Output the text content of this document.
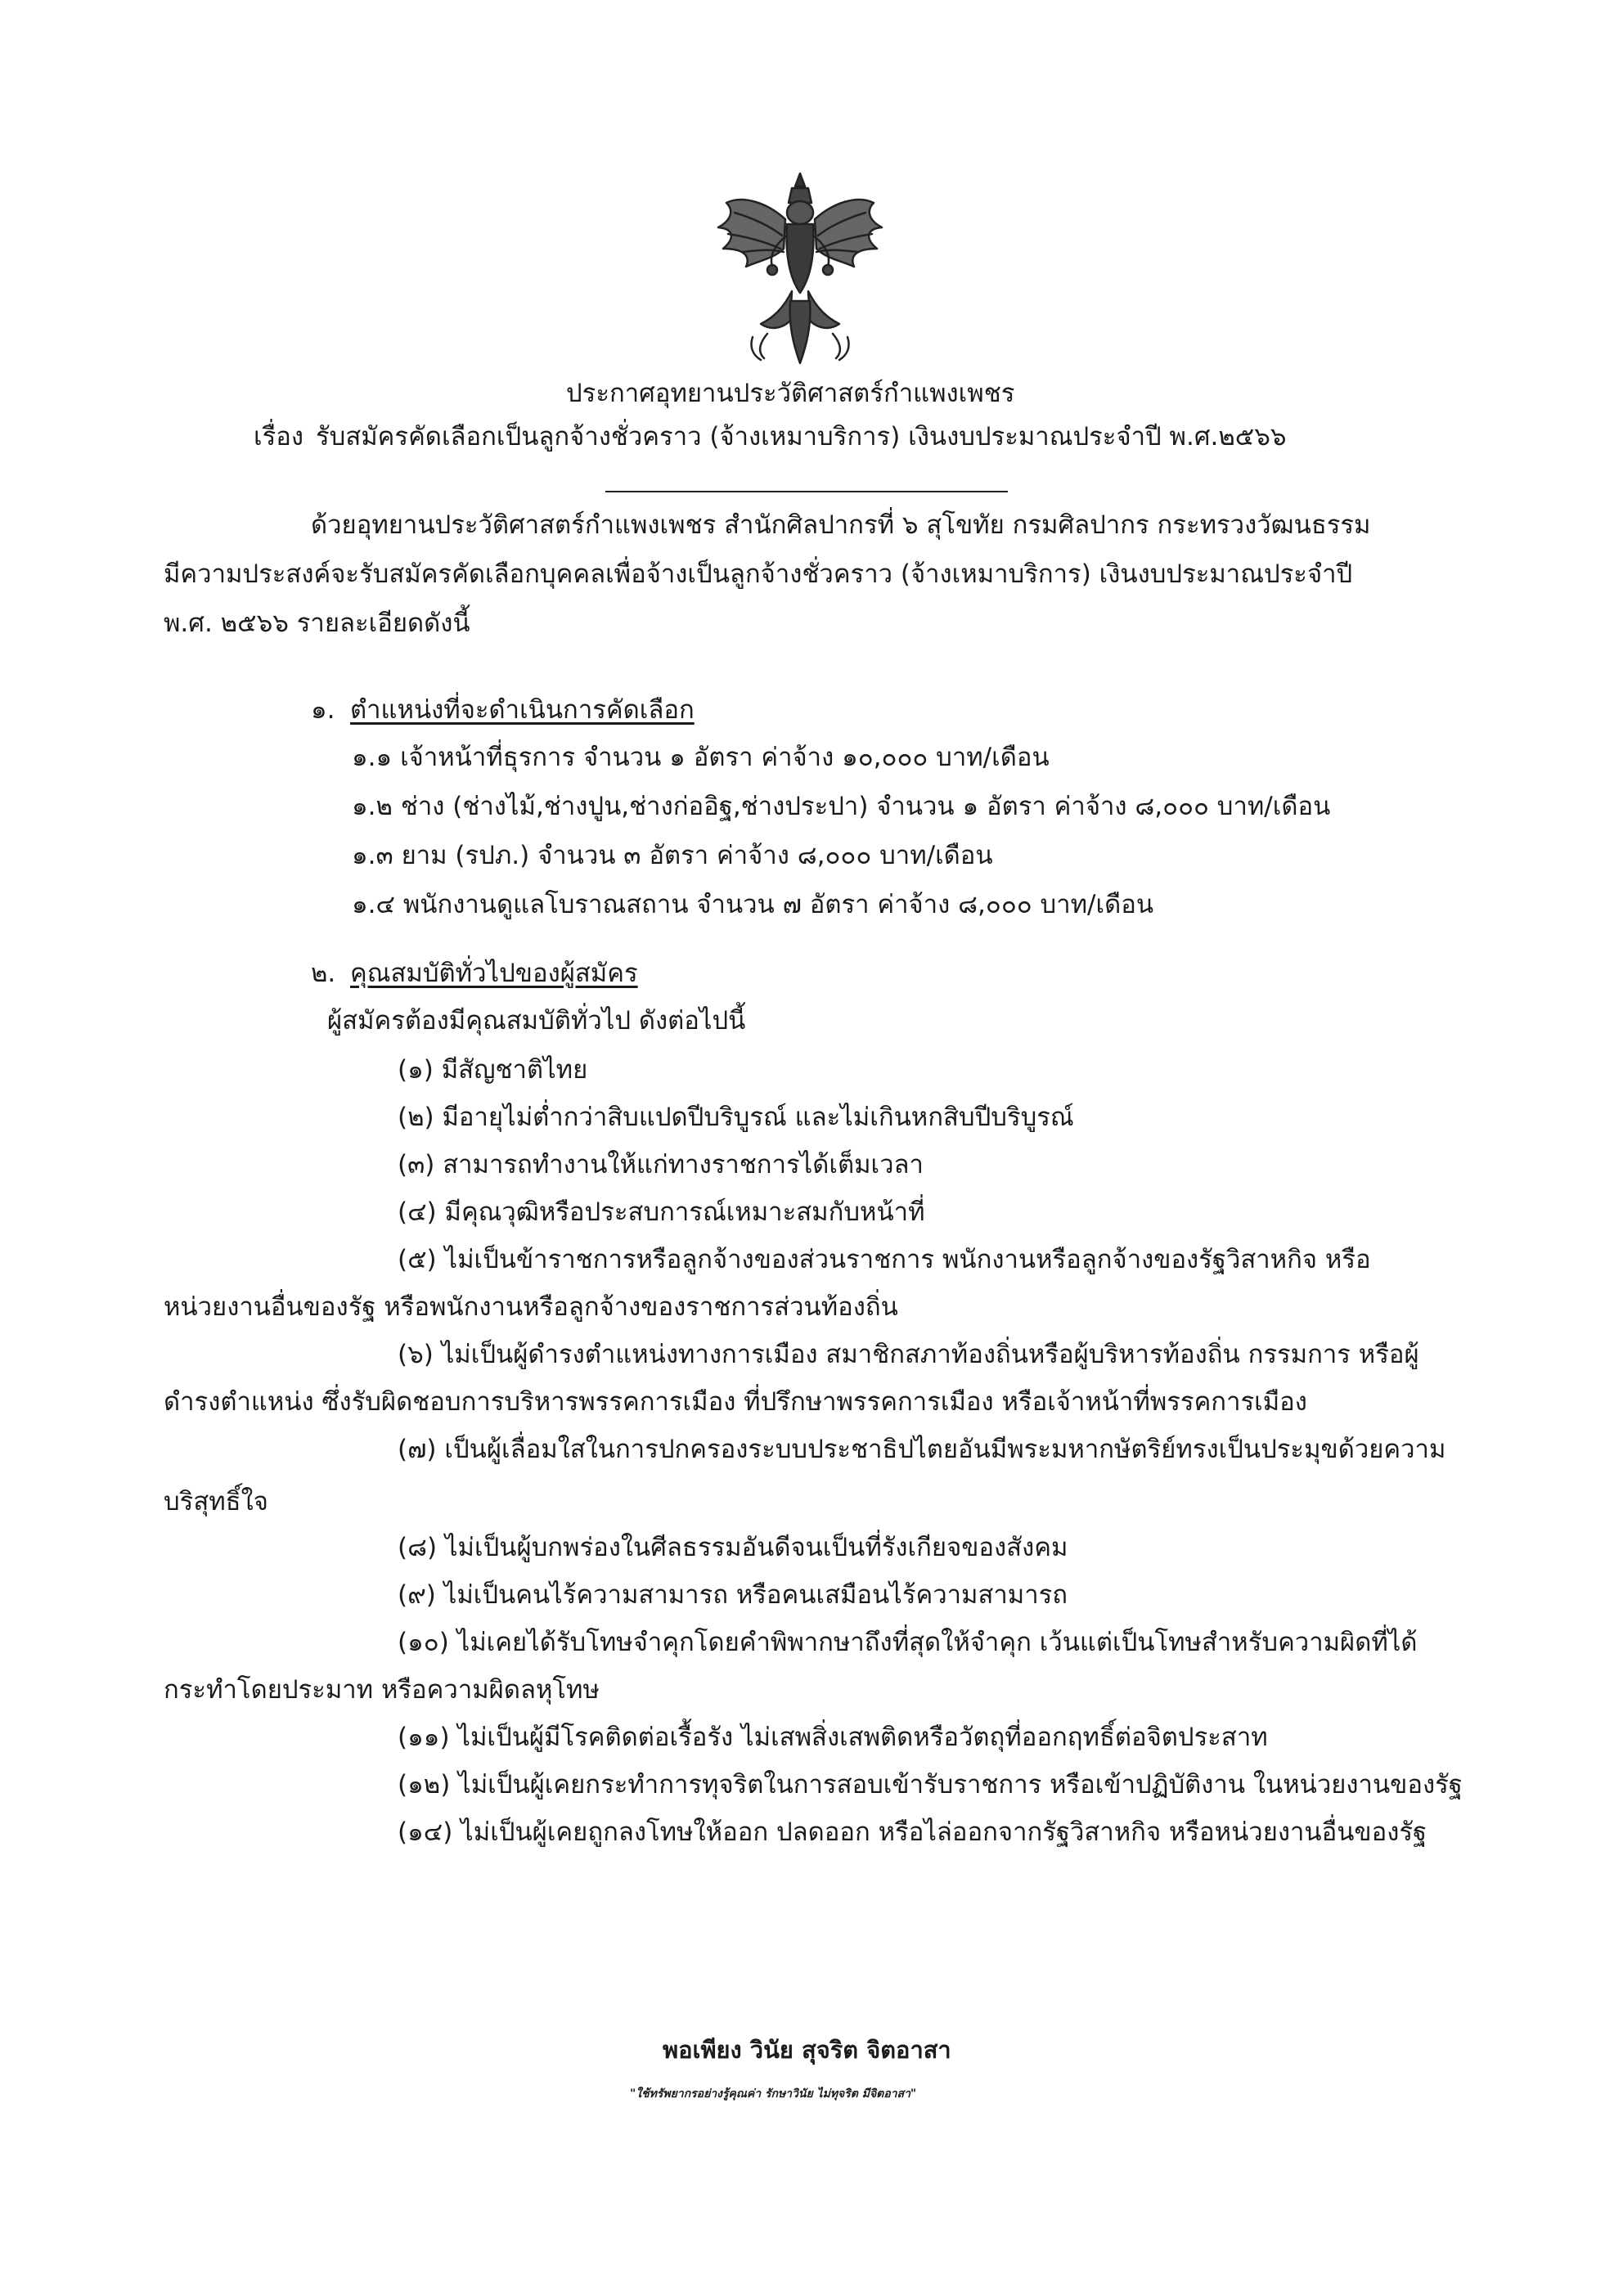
ประกาศอุทยานประวัติศาสตร์กำแพงเพชร
เรื่อง รับสมัครคัดเลือกเป็นลูกจ้างชั่วคราว (จ้างเหมาบริการ) เงินงบประมาณประจำปี พ.ศ.๒๕๖๖
ด้วยอุทยานประวัติศาสตร์กำแพงเพชร สำนักศิลปากรที่ ๖ สุโขทัย กรมศิลปากร กระทรวงวัฒนธรรม
มีความประสงค์จะรับสมัครคัดเลือกบุคคลเพื่อจ้างเป็นลูกจ้างชั่วคราว (จ้างเหมาบริการ) เงินงบประมาณประจำปี
พ.ศ. ๒๕๖๖ รายละเอียดดังนี้
๑. ตำแหน่งที่จะดำเนินการคัดเลือก
๑.๑ เจ้าหน้าที่ธุรการ จำนวน ๑ อัตรา ค่าจ้าง ๑๐,๐๐๐ บาท/เดือน
๑.๒ ช่าง (ช่างไม้,ช่างปูน,ช่างก่ออิฐ,ช่างประปา) จำนวน ๑ อัตรา ค่าจ้าง ๘,๐๐๐ บาท/เดือน
๑.๓ ยาม (รปภ.) จำนวน ๓ อัตรา ค่าจ้าง ๘,๐๐๐ บาท/เดือน
๑.๔ พนักงานดูแลโบราณสถาน จำนวน ๗ อัตรา ค่าจ้าง ๘,๐๐๐ บาท/เดือน
๒. คุณสมบัติทั่วไปของผู้สมัคร
ผู้สมัครต้องมีคุณสมบัติทั่วไป ดังต่อไปนี้
(๑) มีสัญชาติไทย
(๒) มีอายุไม่ต่ำกว่าสิบแปดปีบริบูรณ์ และไม่เกินหกสิบปีบริบูรณ์
(๓) สามารถทำงานให้แก่ทางราชการได้เต็มเวลา
(๔) มีคุณวุฒิหรือประสบการณ์เหมาะสมกับหน้าที่
(๕) ไม่เป็นข้าราชการหรือลูกจ้างของส่วนราชการ พนักงานหรือลูกจ้างของรัฐวิสาหกิจ หรือ
หน่วยงานอื่นของรัฐ หรือพนักงานหรือลูกจ้างของราชการส่วนท้องถิ่น
(๖) ไม่เป็นผู้ดำรงตำแหน่งทางการเมือง สมาชิกสภาท้องถิ่นหรือผู้บริหารท้องถิ่น กรรมการ หรือผู้
ดำรงตำแหน่ง ซึ่งรับผิดชอบการบริหารพรรคการเมือง ที่ปรึกษาพรรคการเมือง หรือเจ้าหน้าที่พรรคการเมือง
(๗) เป็นผู้เลื่อมใสในการปกครองระบบประชาธิปไตยอันมีพระมหากษัตริย์ทรงเป็นประมุขด้วยความ
บริสุทธิ์ใจ
(๘) ไม่เป็นผู้บกพร่องในศีลธรรมอันดีจนเป็นที่รังเกียจของสังคม
(๙) ไม่เป็นคนไร้ความสามารถ หรือคนเสมือนไร้ความสามารถ
(๑๐) ไม่เคยได้รับโทษจำคุกโดยคำพิพากษาถึงที่สุดให้จำคุก เว้นแต่เป็นโทษสำหรับความผิดที่ได้
กระทำโดยประมาท หรือความผิดลหุโทษ
(๑๑) ไม่เป็นผู้มีโรคติดต่อเรื้อรัง ไม่เสพสิ่งเสพติดหรือวัตถุที่ออกฤทธิ์ต่อจิตประสาท
(๑๒) ไม่เป็นผู้เคยกระทำการทุจริตในการสอบเข้ารับราชการ หรือเข้าปฏิบัติงาน ในหน่วยงานของรัฐ
(๑๔) ไม่เป็นผู้เคยถูกลงโทษให้ออก ปลดออก หรือไล่ออกจากรัฐวิสาหกิจ หรือหน่วยงานอื่นของรัฐ
พอเพียง วินัย สุจริต จิตอาสา
"ใช้ทรัพยากรอย่างรู้คุณค่า รักษาวินัย ไม่ทุจริต มีจิตอาสา"
